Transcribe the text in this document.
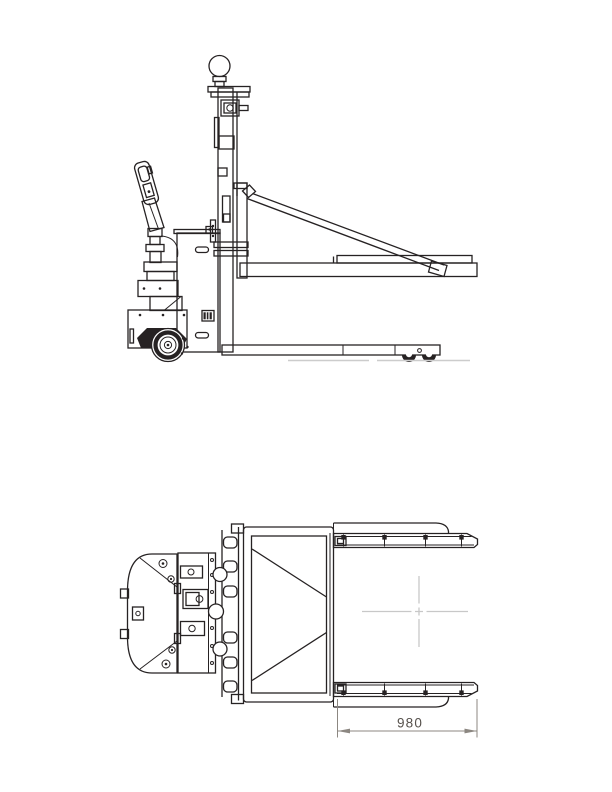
980
